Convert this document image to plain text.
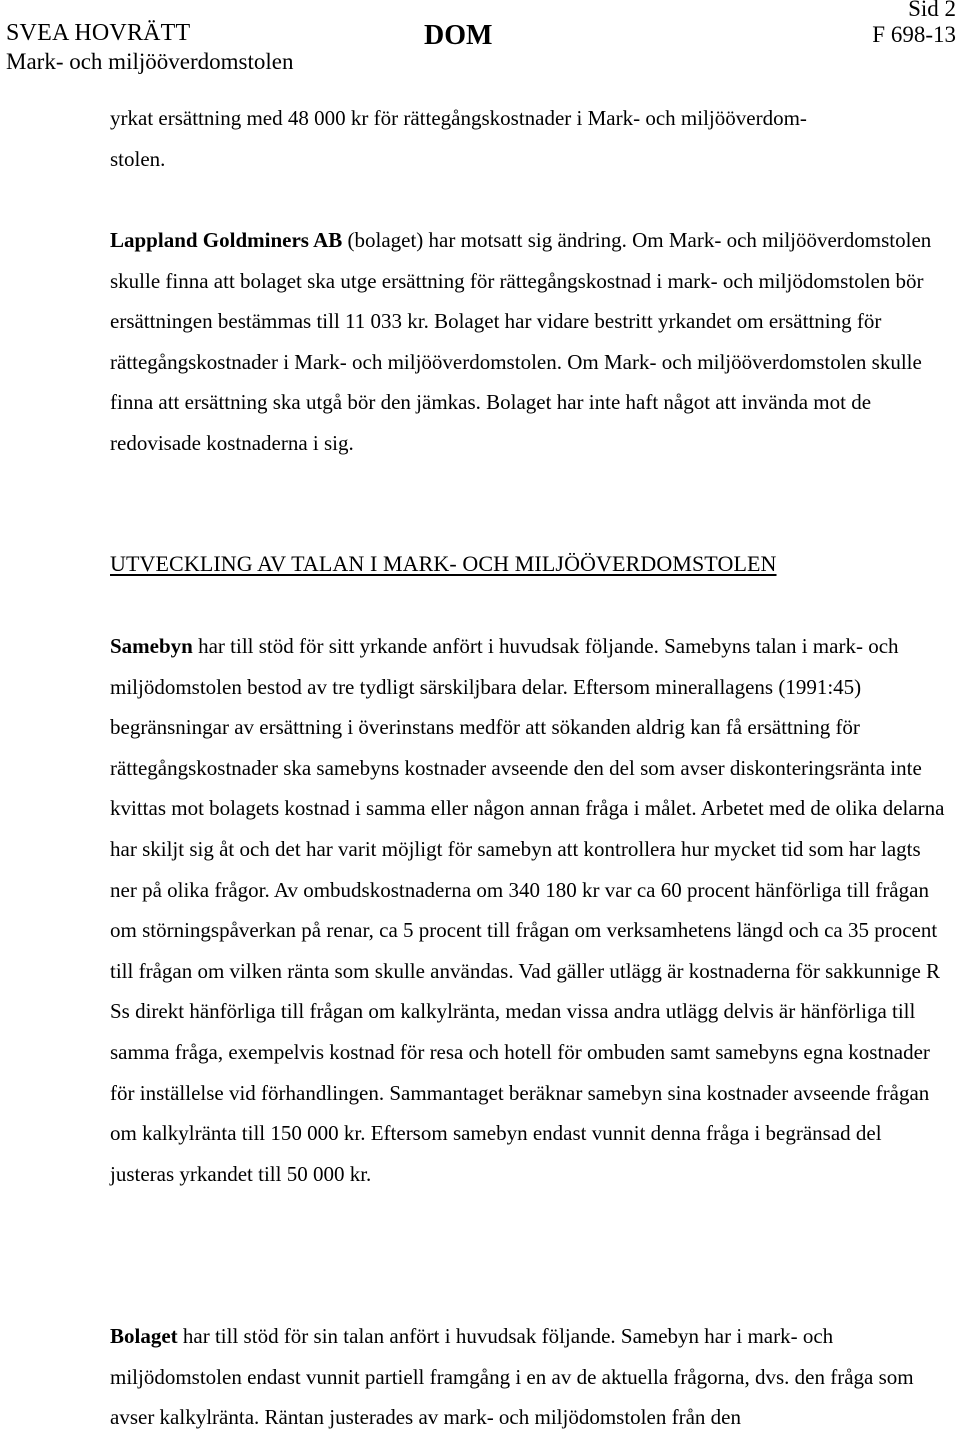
SVEA HOVRÄTT
Mark- och miljööverdomstolen
DOM
Sid 2
F 698-13

yrkat ersättning med 48 000 kr för rättegångskostnader i Mark- och miljööverdom-

stolen.

Lappland Goldminers AB (bolaget) har motsatt sig ändring. Om Mark- och miljööverdomstolen skulle finna att bolaget ska utge ersättning för rättegångskostnad i mark- och miljödomstolen bör ersättningen bestämmas till 11 033 kr. Bolaget har vidare bestritt yrkandet om ersättning för rättegångskostnader i Mark- och miljööverdomstolen. Om Mark- och miljööverdomstolen skulle finna att ersättning ska utgå bör den jämkas. Bolaget har inte haft något att invända mot de redovisade kostnaderna i sig.

UTVECKLING AV TALAN I MARK- OCH MILJÖÖVERDOMSTOLEN

Samebyn har till stöd för sitt yrkande anfört i huvudsak följande. Samebyns talan i mark- och miljödomstolen bestod av tre tydligt särskiljbara delar. Eftersom minerallagens (1991:45) begränsningar av ersättning i överinstans medför att sökanden aldrig kan få ersättning för rättegångskostnader ska samebyns kostnader avseende den del som avser diskonteringsränta inte kvittas mot bolagets kostnad i samma eller någon annan fråga i målet. Arbetet med de olika delarna har skiljt sig åt och det har varit möjligt för samebyn att kontrollera hur mycket tid som har lagts ner på olika frågor. Av ombudskostnaderna om 340 180 kr var ca 60 procent hänförliga till frågan om störningspåverkan på renar, ca 5 procent till frågan om verksamhetens längd och ca 35 procent till frågan om vilken ränta som skulle användas. Vad gäller utlägg är kostnaderna för sakkunnige R Ss direkt hänförliga till frågan om kalkylränta, medan vissa andra utlägg delvis är hänförliga till samma fråga, exempelvis kostnad för resa och hotell för ombuden samt samebyns egna kostnader för inställelse vid förhandlingen. Sammantaget beräknar samebyn sina kostnader avseende frågan om kalkylränta till 150 000 kr. Eftersom samebyn endast vunnit denna fråga i begränsad del justeras yrkandet till 50 000 kr.

Bolaget har till stöd för sin talan anfört i huvudsak följande. Samebyn har i mark- och miljödomstolen endast vunnit partiell framgång i en av de aktuella frågorna, dvs. den fråga som avser kalkylränta. Räntan justerades av mark- och miljödomstolen från den
